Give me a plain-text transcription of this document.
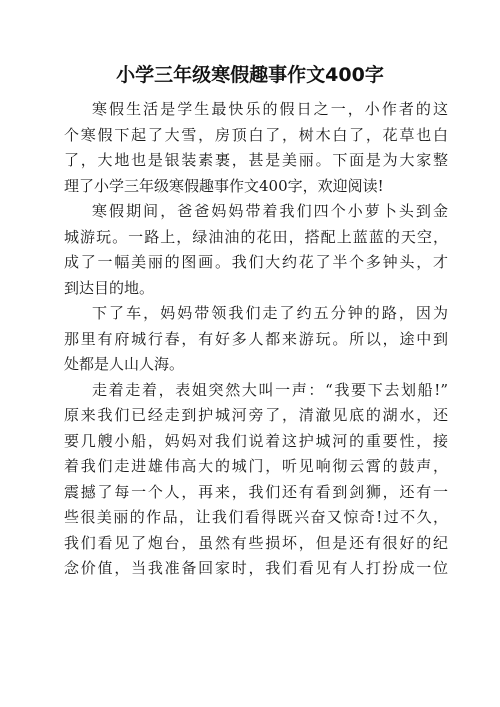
小学三年级寒假趣事作文400字
寒假生活是学生最快乐的假日之一，小作者的这
个寒假下起了大雪，房顶白了，树木白了，花草也白
了，大地也是银装素裹，甚是美丽。下面是为大家整
理了小学三年级寒假趣事作文400字，欢迎阅读!
寒假期间，爸爸妈妈带着我们四个小萝卜头到金
城游玩。一路上，绿油油的花田，搭配上蓝蓝的天空，
成了一幅美丽的图画。我们大约花了半个多钟头，才
到达目的地。
下了车，妈妈带领我们走了约五分钟的路，因为
那里有府城行春，有好多人都来游玩。所以，途中到
处都是人山人海。
走着走着，表姐突然大叫一声：“我要下去划船!”
原来我们已经走到护城河旁了，清澈见底的湖水，还
要几艘小船，妈妈对我们说着这护城河的重要性，接
着我们走进雄伟高大的城门，听见响彻云霄的鼓声，
震撼了每一个人，再来，我们还有看到剑狮，还有一
些很美丽的作品，让我们看得既兴奋又惊奇!过不久，
我们看见了炮台，虽然有些损坏，但是还有很好的纪
念价值，当我准备回家时，我们看见有人打扮成一位
